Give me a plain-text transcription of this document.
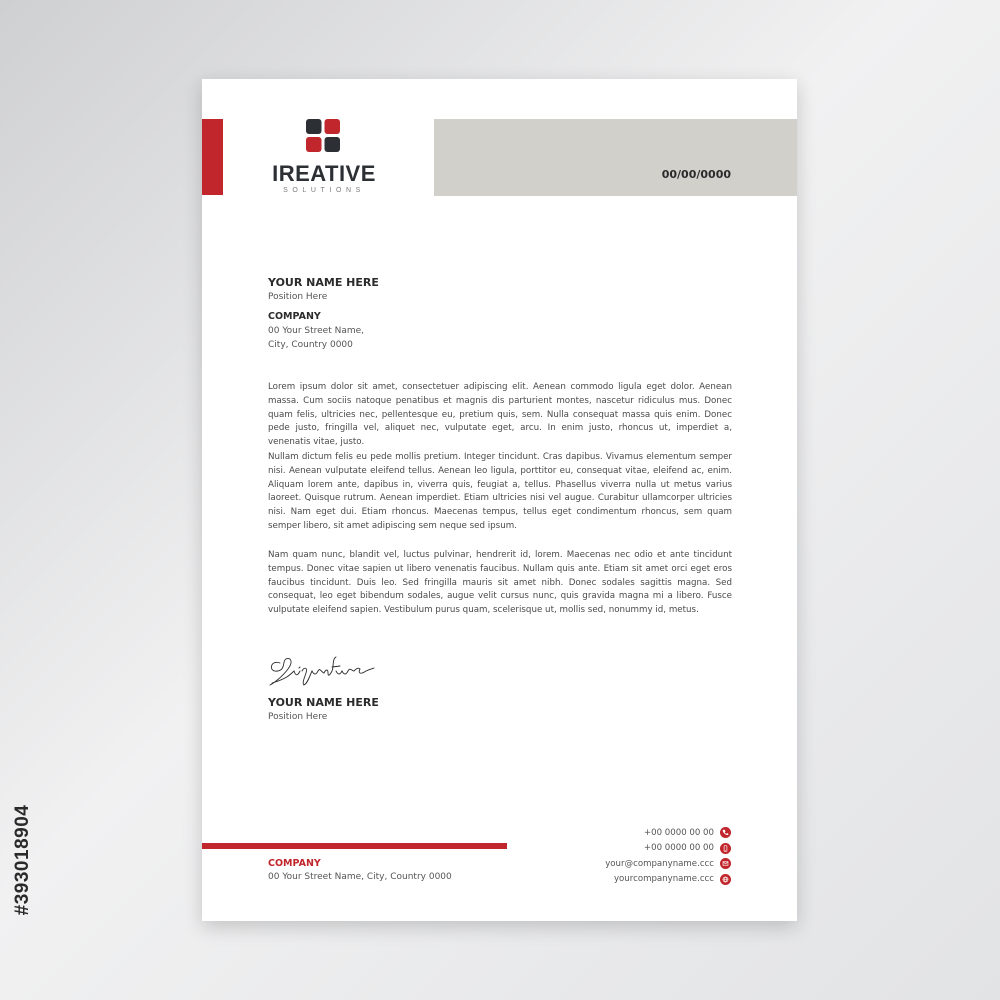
#393018904
00/00/0000
IREATIVE
SOLUTIONS
YOUR NAME HERE
Position Here
COMPANY
00 Your Street Name,
City, Country 0000

Lorem ipsum dolor sit amet, consectetuer adipiscing elit. Aenean commodo ligula eget dolor. Aenean massa. Cum sociis natoque penatibus et magnis dis parturient montes, nascetur ridiculus mus. Donec quam felis, ultricies nec, pellentesque eu, pretium quis, sem. Nulla consequat massa quis enim. Donec pede justo, fringilla vel, aliquet nec, vulputate eget, arcu. In enim justo, rhoncus ut, imperdiet a, venenatis vitae, justo.

Nullam dictum felis eu pede mollis pretium. Integer tincidunt. Cras dapibus. Vivamus elementum semper nisi. Aenean vulputate eleifend tellus. Aenean leo ligula, porttitor eu, consequat vitae, eleifend ac, enim. Aliquam lorem ante, dapibus in, viverra quis, feugiat a, tellus. Phasellus viverra nulla ut metus varius laoreet. Quisque rutrum. Aenean imperdiet. Etiam ultricies nisi vel augue. Curabitur ullamcorper ultricies nisi. Nam eget dui. Etiam rhoncus. Maecenas tempus, tellus eget condimentum rhoncus, sem quam semper libero, sit amet adipiscing sem neque sed ipsum.

Nam quam nunc, blandit vel, luctus pulvinar, hendrerit id, lorem. Maecenas nec odio et ante tincidunt tempus. Donec vitae sapien ut libero venenatis faucibus. Nullam quis ante. Etiam sit amet orci eget eros faucibus tincidunt. Duis leo. Sed fringilla mauris sit amet nibh. Donec sodales sagittis magna. Sed consequat, leo eget bibendum sodales, augue velit cursus nunc, quis gravida magna mi a libero. Fusce vulputate eleifend sapien. Vestibulum purus quam, scelerisque ut, mollis sed, nonummy id, metus.

YOUR NAME HERE
Position Here
COMPANY
00 Your Street Name, City, Country 0000
+00 0000 00 00
+00 0000 00 00
your@companyname.ccc
yourcompanyname.ccc
